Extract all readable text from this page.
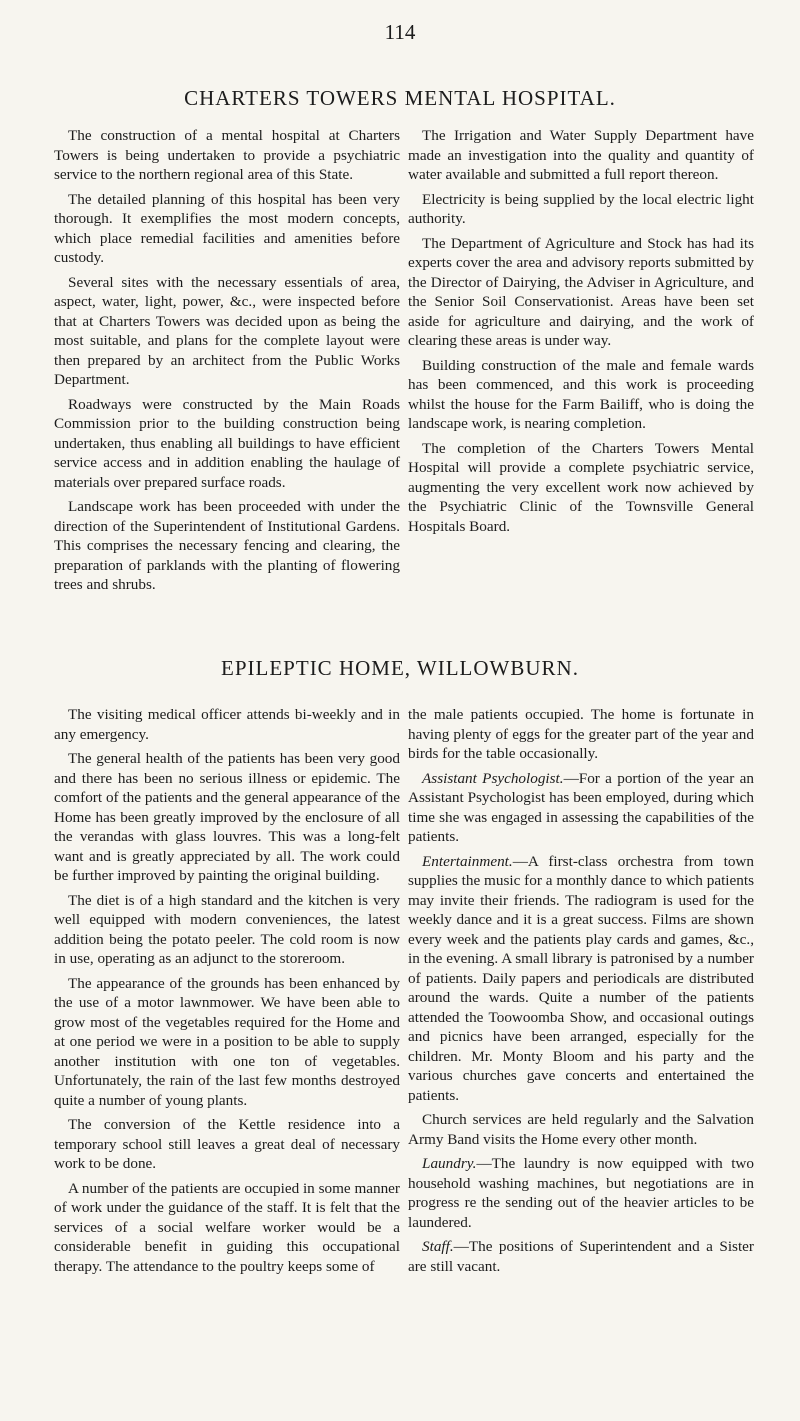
114
CHARTERS TOWERS MENTAL HOSPITAL.

The construction of a mental hospital at Charters Towers is being undertaken to provide a psychiatric service to the northern regional area of this State.

The detailed planning of this hospital has been very thorough. It exemplifies the most modern concepts, which place remedial facilities and amenities before custody.

Several sites with the necessary essentials of area, aspect, water, light, power, &c., were inspected before that at Charters Towers was decided upon as being the most suitable, and plans for the complete layout were then prepared by an architect from the Public Works Department.

Roadways were constructed by the Main Roads Commission prior to the building construction being undertaken, thus enabling all buildings to have efficient service access and in addition enabling the haulage of materials over prepared surface roads.

Landscape work has been proceeded with under the direction of the Superintendent of Institutional Gardens. This comprises the necessary fencing and clearing, the preparation of parklands with the planting of flowering trees and shrubs.

The Irrigation and Water Supply Department have made an investigation into the quality and quantity of water available and submitted a full report thereon.

Electricity is being supplied by the local electric light authority.

The Department of Agriculture and Stock has had its experts cover the area and advisory reports submitted by the Director of Dairying, the Adviser in Agriculture, and the Senior Soil Conservationist. Areas have been set aside for agriculture and dairying, and the work of clearing these areas is under way.

Building construction of the male and female wards has been commenced, and this work is proceeding whilst the house for the Farm Bailiff, who is doing the landscape work, is nearing completion.

The completion of the Charters Towers Mental Hospital will provide a complete psychiatric service, augmenting the very excellent work now achieved by the Psychiatric Clinic of the Townsville General Hospitals Board.

EPILEPTIC HOME, WILLOWBURN.

The visiting medical officer attends bi-weekly and in any emergency.

The general health of the patients has been very good and there has been no serious illness or epidemic. The comfort of the patients and the general appearance of the Home has been greatly improved by the enclosure of all the verandas with glass louvres. This was a long-felt want and is greatly appreciated by all. The work could be further improved by painting the original building.

The diet is of a high standard and the kitchen is very well equipped with modern conveniences, the latest addition being the potato peeler. The cold room is now in use, operating as an adjunct to the storeroom.

The appearance of the grounds has been enhanced by the use of a motor lawnmower. We have been able to grow most of the vegetables required for the Home and at one period we were in a position to be able to supply another institution with one ton of vegetables. Unfortunately, the rain of the last few months destroyed quite a number of young plants.

The conversion of the Kettle residence into a temporary school still leaves a great deal of necessary work to be done.

A number of the patients are occupied in some manner of work under the guidance of the staff. It is felt that the services of a social welfare worker would be a considerable benefit in guiding this occupational therapy. The attendance to the poultry keeps some of

the male patients occupied. The home is fortunate in having plenty of eggs for the greater part of the year and birds for the table occasionally.

Assistant Psychologist.—For a portion of the year an Assistant Psychologist has been employed, during which time she was engaged in assessing the capabilities of the patients.

Entertainment.—A first-class orchestra from town supplies the music for a monthly dance to which patients may invite their friends. The radiogram is used for the weekly dance and it is a great success. Films are shown every week and the patients play cards and games, &c., in the evening. A small library is patronised by a number of patients. Daily papers and periodicals are distributed around the wards. Quite a number of the patients attended the Toowoomba Show, and occasional outings and picnics have been arranged, especially for the children. Mr. Monty Bloom and his party and the various churches gave concerts and entertained the patients.

Church services are held regularly and the Salvation Army Band visits the Home every other month.

Laundry.—The laundry is now equipped with two household washing machines, but negotiations are in progress re the sending out of the heavier articles to be laundered.

Staff.—The positions of Superintendent and a Sister are still vacant.
